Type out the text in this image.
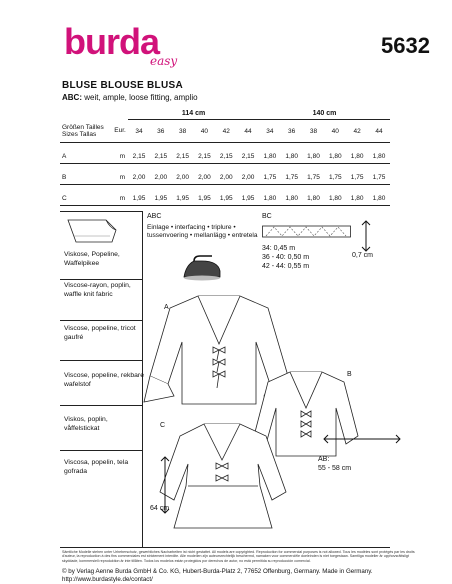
burda
easy
5632
BLUSE BLOUSE BLUSA
ABC: weit, ample, loose fitting, amplio
		114 cm						140 cm					

Größen Tailles
Sizes Tallas	Eur.	34	36	38	40	42	44	34	36	38	40	42	44

A	m	2,15	2,15	2,15	2,15	2,15	2,15	1,80	1,80	1,80	1,80	1,80	1,80

B	m	2,00	2,00	2,00	2,00	2,00	2,00	1,75	1,75	1,75	1,75	1,75	1,75

C	m	1,95	1,95	1,95	1,95	1,95	1,95	1,80	1,80	1,80	1,80	1,80	1,80
Viskose, Popeline, Waffelpikee
Viscose-rayon, poplin, waffle knit fabric
Viscose, popeline, tricot gaufré
Viscose, popeline, rekbare wafelstof
Viskos, poplin, våffelstickat
Viscosa, popelin, tela gofrada
ABC
Einlage • interfacing • triplure • tussenvoering • mellanlägg • entretela
BC
34: 0,45 m
36 - 40: 0,50 m
42 - 44: 0,55 m
0,7 cm
A
B
C
64 cm
AB:
55 - 58 cm
Sämtliche Modelle stehen unter Urheberschutz, gewerbliches Nacharbeiten ist nicht gestattet. All models are copyrighted. Reproduction for commercial purposes is not allowed. Tous les modèles sont protégés par les droits d'auteur, la reproduction à des fins commerciales est strictement interdite. Alle modellen zijn auteursrechtelijk beschermd, namaken voor commerciële doeleinden is niet toegestaan. Samtliga modeller är upphovsrättsligt skyddade, kommersiell reproduktion är inte tillåten. Todos los modelos están protegidos por derechos de autor, no está permitida su reproducción comercial.
© by Verlag Aenne Burda GmbH & Co. KG, Hubert-Burda-Platz 2, 77652 Offenburg, Germany. Made in Germany.
http://www.burdastyle.de/contact/
